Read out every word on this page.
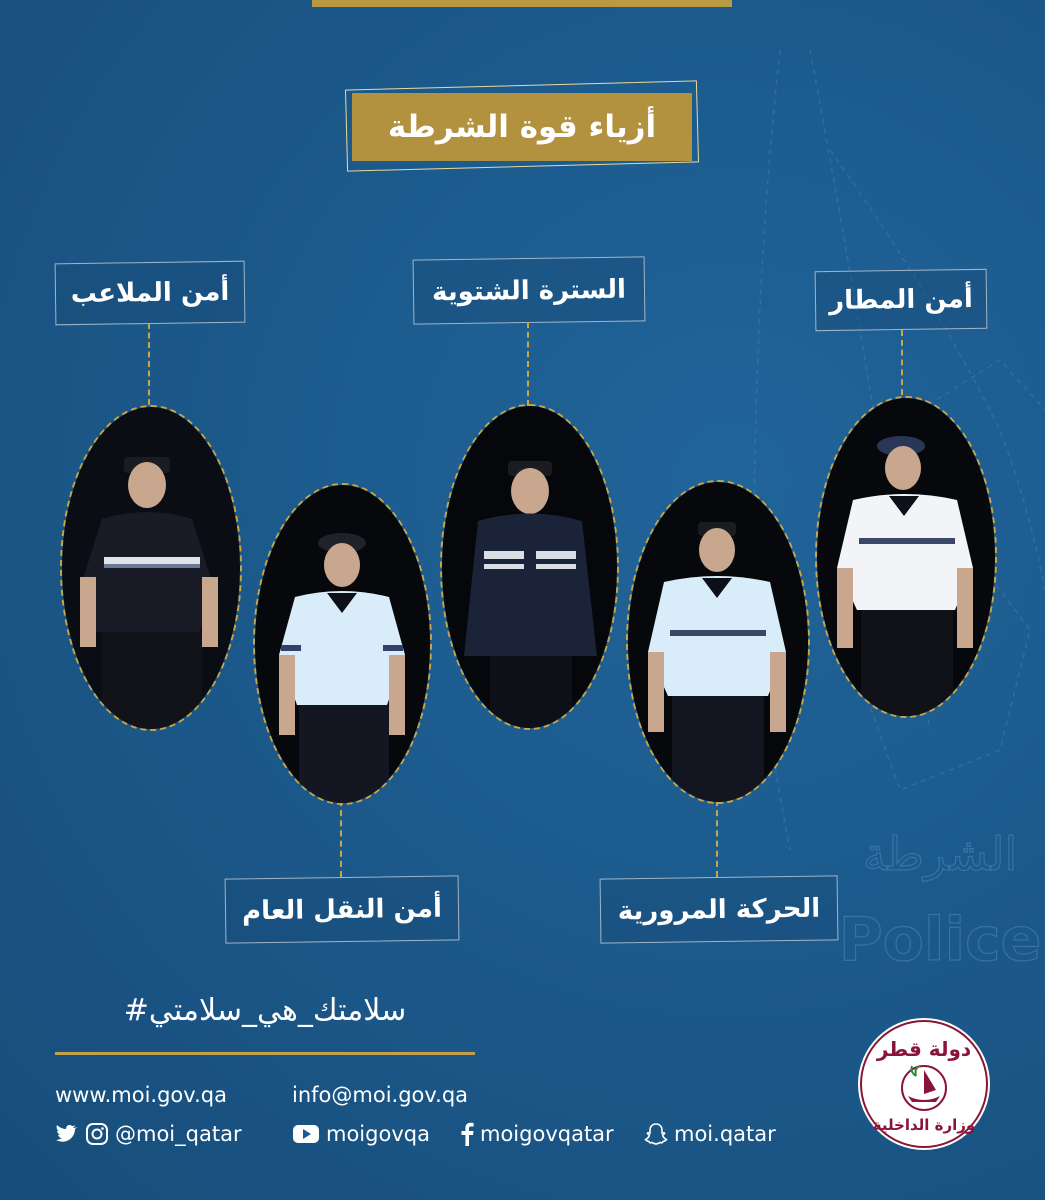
الشرطة
Police
أزياء قوة الشرطة
أمن المطار
السترة الشتوية
أمن الملاعب
أمن النقل العام	الحركة المرورية
#سلامتك_هي_سلامتي
www.moi.gov.qa	info@moi.gov.qa
@moi_qatar	moigovqa moigovqatar	moi.qatar
دولة قطر
وزارة الداخلية
